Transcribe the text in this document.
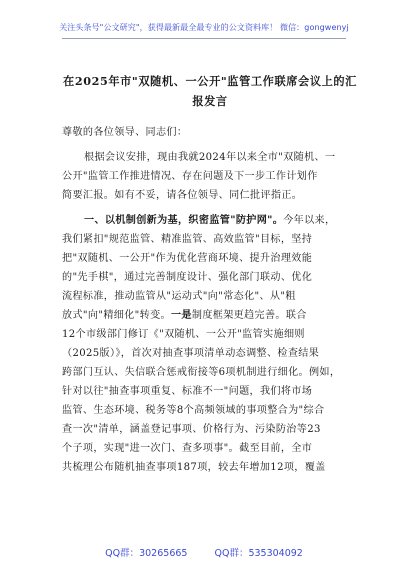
关注头条号"公文研究"，获得最新最全最专业的公文资料库！ 微信：gongwenyj
在2025年市"双随机、一公开"监管工作联席会议上的汇
报发言
尊敬的各位领导、同志们：
根据会议安排，现由我就2024年以来全市"双随机、一
公开"监管工作推进情况、存在问题及下一步工作计划作
简要汇报。如有不妥，请各位领导、同仁批评指正。
一、以机制创新为基，织密监管"防护网"。今年以来，
我们紧扣"规范监管、精准监管、高效监管"目标，坚持
把"双随机、一公开"作为优化营商环境、提升治理效能
的"先手棋"，通过完善制度设计、强化部门联动、优化
流程标准，推动监管从"运动式"向"常态化"、从"粗
放式"向"精细化"转变。一是制度框架更趋完善。联合
12个市级部门修订《"双随机、一公开"监管实施细则
（2025版）》，首次对抽查事项清单动态调整、检查结果
跨部门互认、失信联合惩戒衔接等6项机制进行细化。例如，
针对以往"抽查事项重复、标准不一"问题，我们将市场
监管、生态环境、税务等8个高频领域的事项整合为"综合
查一次"清单，涵盖登记事项、价格行为、污染防治等23
个子项，实现"进一次门、查多项事"。截至目前，全市
共梳理公布随机抽查事项187项，较去年增加12项，覆盖
QQ群：30265665	QQ群：535304092
